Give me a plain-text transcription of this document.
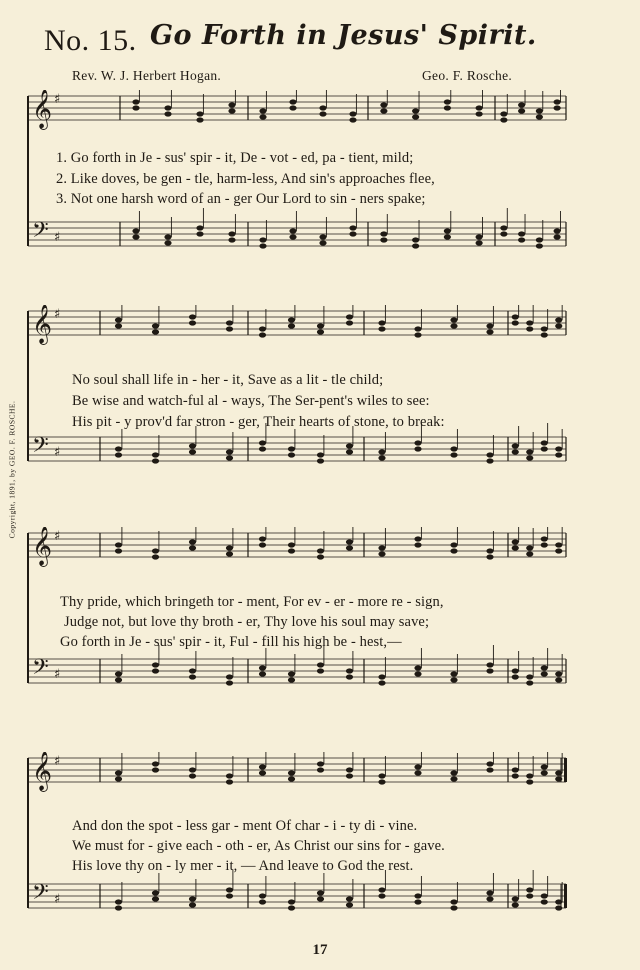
No. 15. Go Forth in Jesus' Spirit.
Rev. W. J. Herbert Hogan.	Geo. F. Rosche.
Copyright, 1891, by GEO. F. ROSCHE.
𝄞 ♯
𝄢 ♯
𝄞 ♯
𝄢 ♯
𝄞 ♯
𝄢 ♯
𝄞 ♯
𝄢 ♯
1. Go forth in Je - sus' spir - it, De - vot - ed, pa - tient, mild;
2. Like doves, be gen - tle, harm-less, And sin's approaches flee,
3. Not one harsh word of an - ger Our Lord to sin - ners spake;
No soul shall life in - her - it, Save as a lit - tle child;
Be wise and watch-ful al - ways, The Ser-pent's wiles to see:
His pit - y prov'd far stron - ger, Their hearts of stone, to break:
Thy pride, which bringeth tor - ment, For ev - er - more re - sign,
Judge not, but love thy broth - er, Thy love his soul may save;
Go forth in Je - sus' spir - it, Ful - fill his high be - hest,—
And don the spot - less gar - ment Of char - i - ty di - vine.
We must for - give each - oth - er, As Christ our sins for - gave.
His love thy on - ly mer - it, — And leave to God the rest.
17
